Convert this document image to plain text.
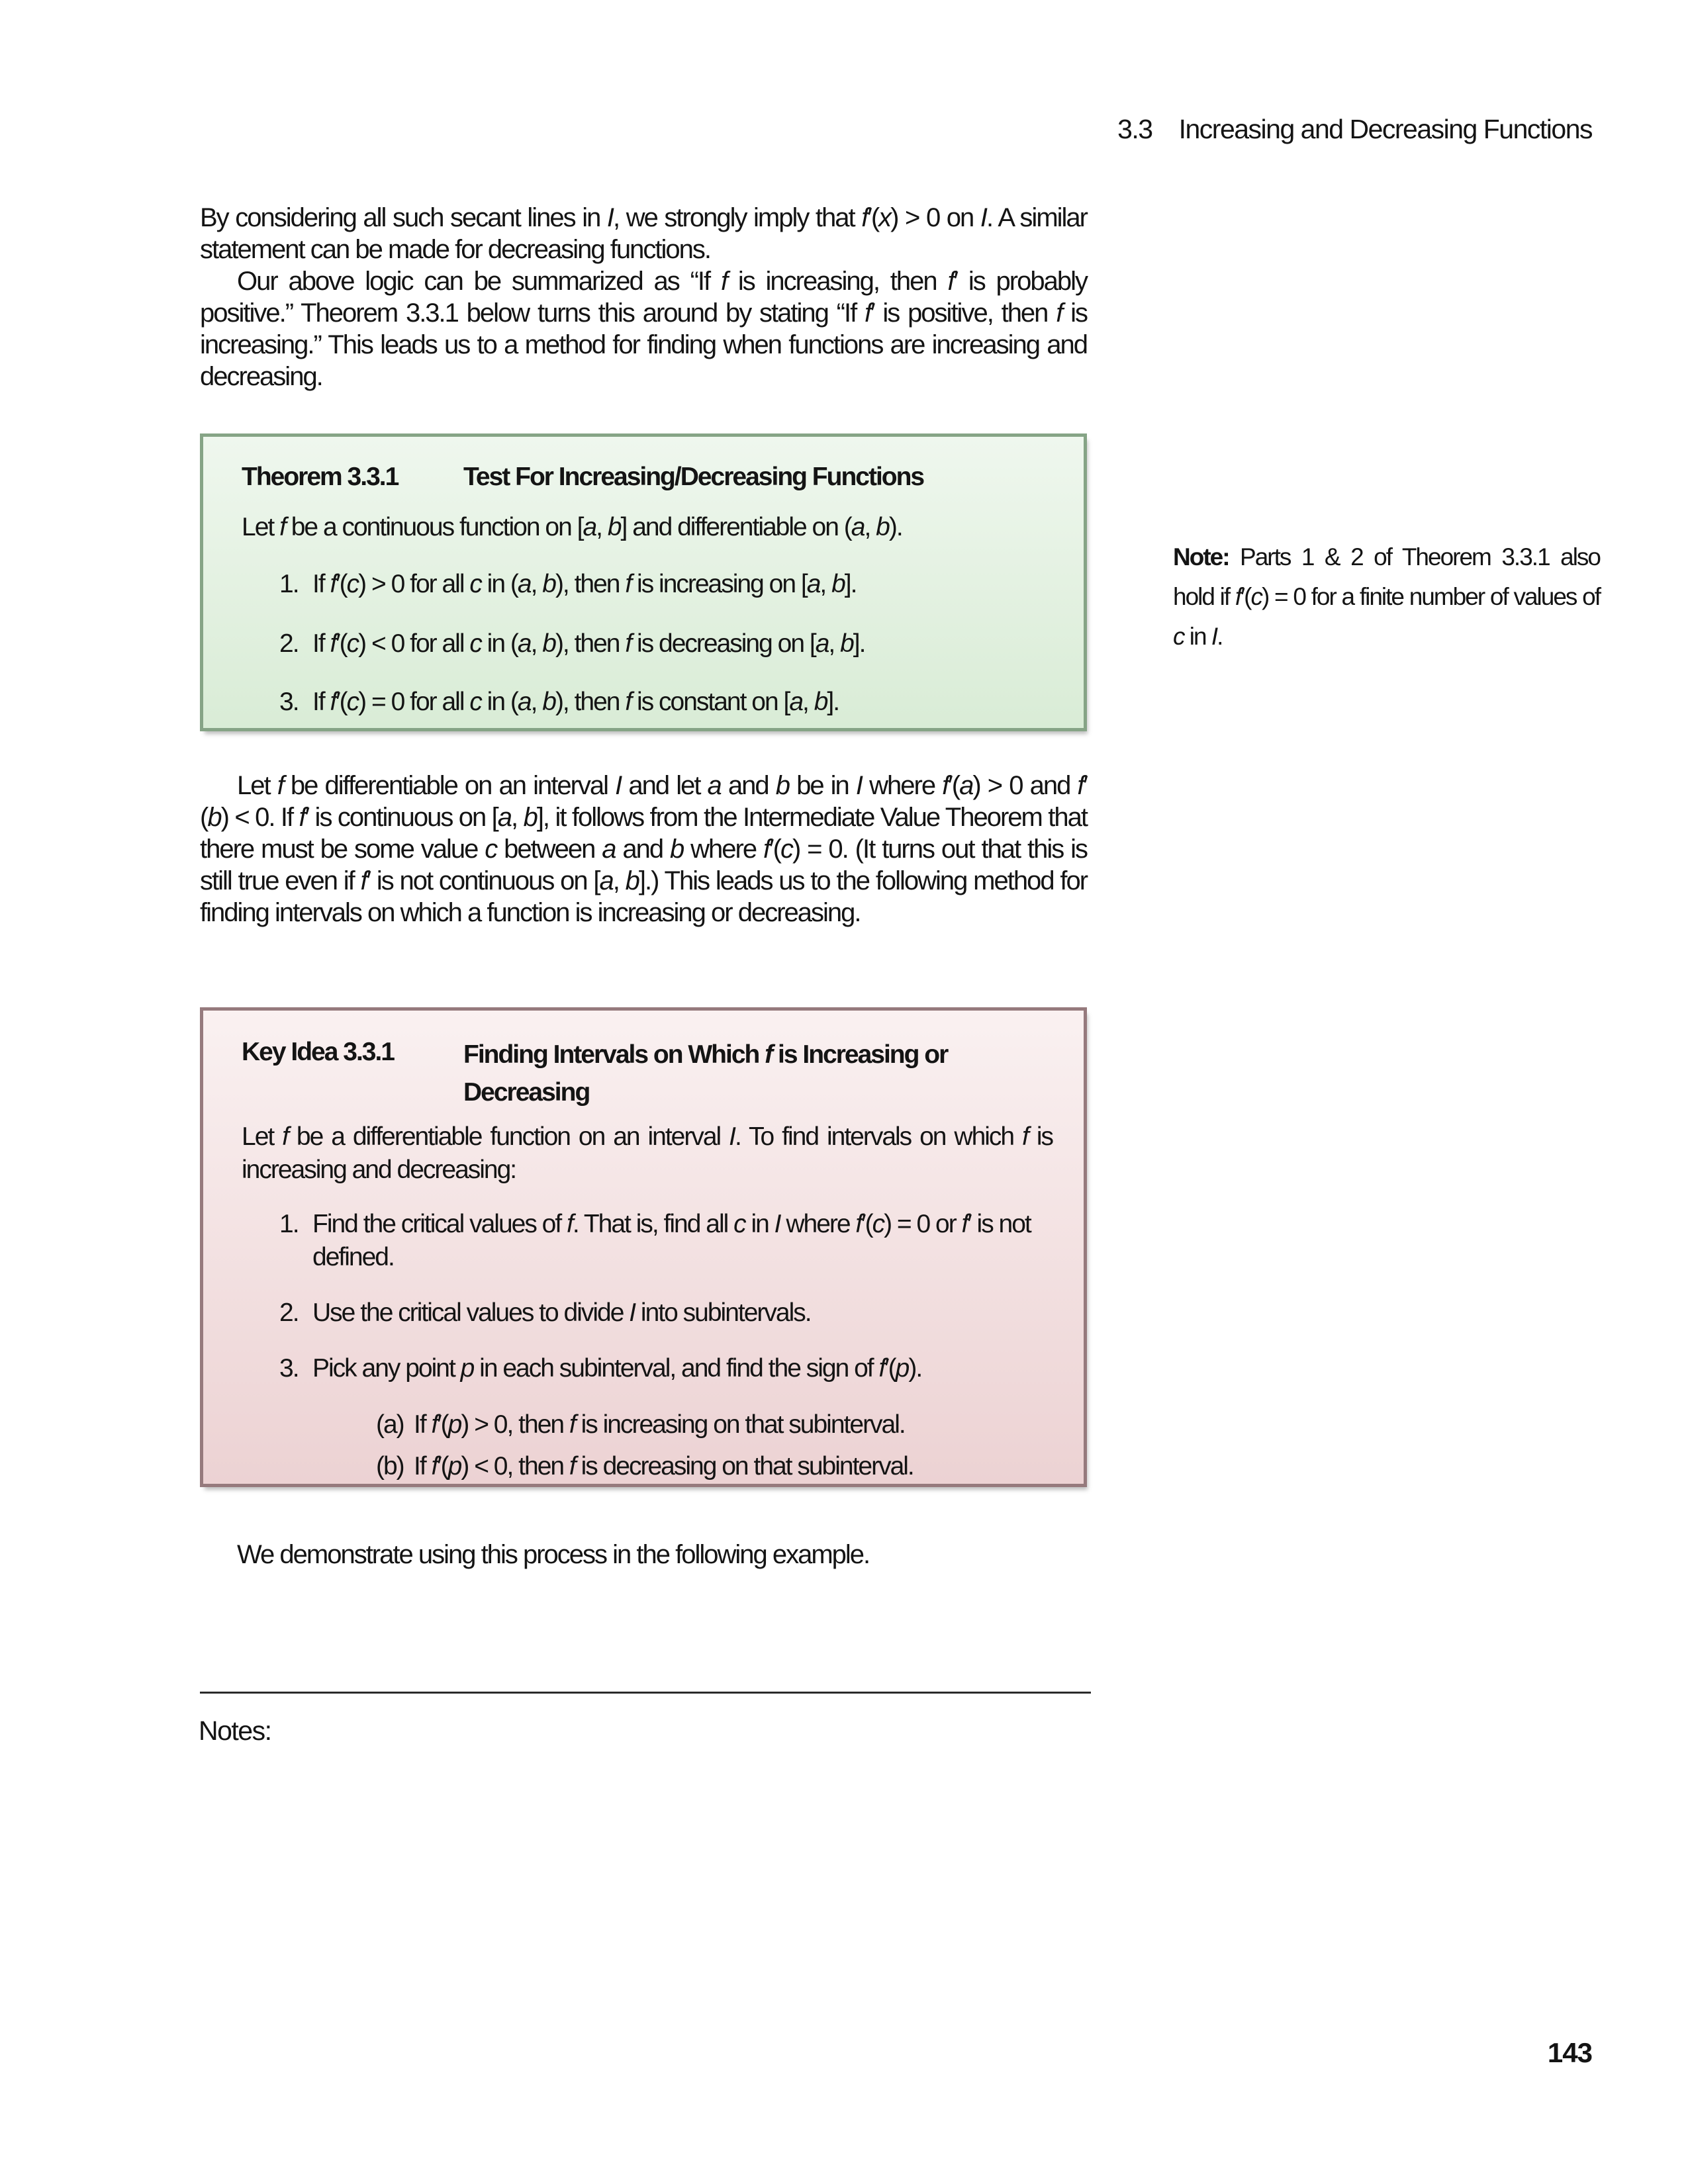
3.3 Increasing and Decreasing Functions

By considering all such secant lines in I, we strongly imply that f′(x) > 0 on I. A similar statement can be made for decreasing functions.

Our above logic can be summarized as “If f is increasing, then f′ is probably positive.” Theorem 3.3.1 below turns this around by stating “If f′ is positive, then f is increasing.” This leads us to a method for finding when functions are increasing and decreasing.

Theorem 3.3.1	Test For Increasing/Decreasing Functions
Let f be a continuous function on [a, b] and differentiable on (a, b).
1. If f′(c) > 0 for all c in (a, b), then f is increasing on [a, b].
2. If f′(c) < 0 for all c in (a, b), then f is decreasing on [a, b].
3. If f′(c) = 0 for all c in (a, b), then f is constant on [a, b].
Note: Parts 1 & 2 of Theorem 3.3.1 also hold if f′(c) = 0 for a finite number of values of c in I.

Let f be differentiable on an interval I and let a and b be in I where f′(a) > 0 and f′(b) < 0. If f′ is continuous on [a, b], it follows from the Intermediate Value Theorem that there must be some value c between a and b where f′(c) = 0. (It turns out that this is still true even if f′ is not continuous on [a, b].) This leads us to the following method for finding intervals on which a function is increasing or decreasing.

Key Idea 3.3.1	Finding Intervals on Which f is Increasing or Decreasing
Let f be a differentiable function on an interval I. To find intervals on which f is increasing and decreasing:
1. Find the critical values of f. That is, find all c in I where f′(c) = 0 or f′ is not defined.
2. Use the critical values to divide I into subintervals.
3. Pick any point p in each subinterval, and find the sign of f′(p).
(a) If f′(p) > 0, then f is increasing on that subinterval.
(b) If f′(p) < 0, then f is decreasing on that subinterval.

We demonstrate using this process in the following example.

Notes:
143
